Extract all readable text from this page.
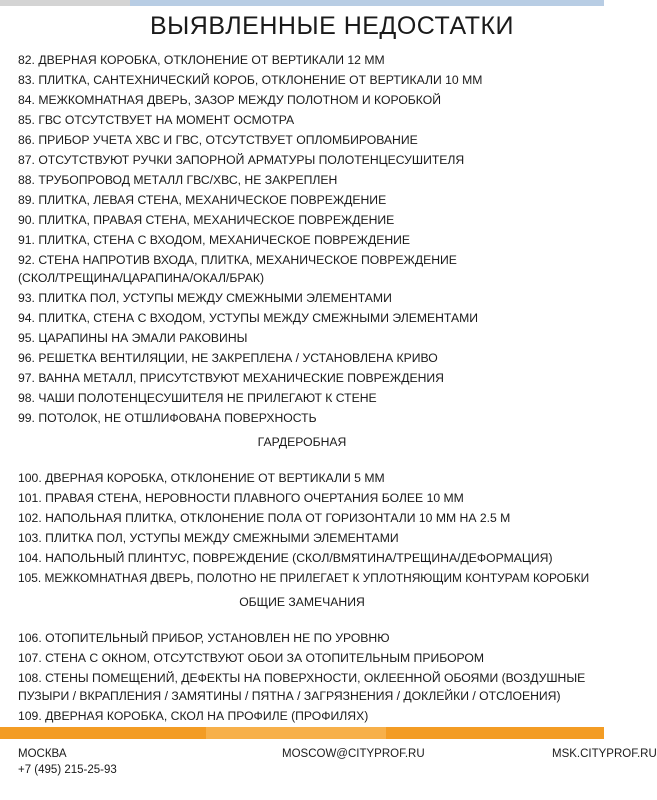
ВЫЯВЛЕННЫЕ НЕДОСТАТКИ
82. ДВЕРНАЯ КОРОБКА, ОТКЛОНЕНИЕ ОТ ВЕРТИКАЛИ 12 ММ
83. ПЛИТКА, САНТЕХНИЧЕСКИЙ КОРОБ, ОТКЛОНЕНИЕ ОТ ВЕРТИКАЛИ 10 ММ
84. МЕЖКОМНАТНАЯ ДВЕРЬ, ЗАЗОР МЕЖДУ ПОЛОТНОМ И КОРОБКОЙ
85. ГВС ОТСУТСТВУЕТ НА МОМЕНТ ОСМОТРА
86. ПРИБОР УЧЕТА ХВС И ГВС, ОТСУТСТВУЕТ ОПЛОМБИРОВАНИЕ
87. ОТСУТСТВУЮТ РУЧКИ ЗАПОРНОЙ АРМАТУРЫ ПОЛОТЕНЦЕСУШИТЕЛЯ
88. ТРУБОПРОВОД МЕТАЛЛ ГВС/ХВС, НЕ ЗАКРЕПЛЕН
89. ПЛИТКА, ЛЕВАЯ СТЕНА, МЕХАНИЧЕСКОЕ ПОВРЕЖДЕНИЕ
90. ПЛИТКА, ПРАВАЯ СТЕНА, МЕХАНИЧЕСКОЕ ПОВРЕЖДЕНИЕ
91. ПЛИТКА, СТЕНА С ВХОДОМ, МЕХАНИЧЕСКОЕ ПОВРЕЖДЕНИЕ
92. СТЕНА НАПРОТИВ ВХОДА, ПЛИТКА, МЕХАНИЧЕСКОЕ ПОВРЕЖДЕНИЕ (СКОЛ/ТРЕЩИНА/ЦАРАПИНА/ОКАЛ/БРАК)
93. ПЛИТКА ПОЛ, УСТУПЫ МЕЖДУ СМЕЖНЫМИ ЭЛЕМЕНТАМИ
94. ПЛИТКА, СТЕНА С ВХОДОМ, УСТУПЫ МЕЖДУ СМЕЖНЫМИ ЭЛЕМЕНТАМИ
95. ЦАРАПИНЫ НА ЭМАЛИ РАКОВИНЫ
96. РЕШЕТКА ВЕНТИЛЯЦИИ, НЕ ЗАКРЕПЛЕНА / УСТАНОВЛЕНА КРИВО
97. ВАННА МЕТАЛЛ, ПРИСУТСТВУЮТ МЕХАНИЧЕСКИЕ ПОВРЕЖДЕНИЯ
98. ЧАШИ ПОЛОТЕНЦЕСУШИТЕЛЯ НЕ ПРИЛЕГАЮТ К СТЕНЕ
99. ПОТОЛОК, НЕ ОТШЛИФОВАНА ПОВЕРХНОСТЬ
ГАРДЕРОБНАЯ
100. ДВЕРНАЯ КОРОБКА, ОТКЛОНЕНИЕ ОТ ВЕРТИКАЛИ 5 ММ
101. ПРАВАЯ СТЕНА, НЕРОВНОСТИ ПЛАВНОГО ОЧЕРТАНИЯ БОЛЕЕ 10 ММ
102. НАПОЛЬНАЯ ПЛИТКА, ОТКЛОНЕНИЕ ПОЛА ОТ ГОРИЗОНТАЛИ 10 ММ НА 2.5 М
103. ПЛИТКА ПОЛ, УСТУПЫ МЕЖДУ СМЕЖНЫМИ ЭЛЕМЕНТАМИ
104. НАПОЛЬНЫЙ ПЛИНТУС, ПОВРЕЖДЕНИЕ (СКОЛ/ВМЯТИНА/ТРЕЩИНА/ДЕФОРМАЦИЯ)
105. МЕЖКОМНАТНАЯ ДВЕРЬ, ПОЛОТНО НЕ ПРИЛЕГАЕТ К УПЛОТНЯЮЩИМ КОНТУРАМ КОРОБКИ
ОБЩИЕ ЗАМЕЧАНИЯ
106. ОТОПИТЕЛЬНЫЙ ПРИБОР, УСТАНОВЛЕН НЕ ПО УРОВНЮ
107. СТЕНА С ОКНОМ, ОТСУТСТВУЮТ ОБОИ ЗА ОТОПИТЕЛЬНЫМ ПРИБОРОМ
108. СТЕНЫ ПОМЕЩЕНИЙ, ДЕФЕКТЫ НА ПОВЕРХНОСТИ, ОКЛЕЕННОЙ ОБОЯМИ (ВОЗДУШНЫЕ ПУЗЫРИ / ВКРАПЛЕНИЯ / ЗАМЯТИНЫ / ПЯТНА / ЗАГРЯЗНЕНИЯ / ДОКЛЕЙКИ / ОТСЛОЕНИЯ)
109. ДВЕРНАЯ КОРОБКА, СКОЛ НА ПРОФИЛЕ (ПРОФИЛЯХ)
МОСКВА
+7 (495) 215-25-93
MOSCOW@CITYPROF.RU	MSK.CITYPROF.RU
